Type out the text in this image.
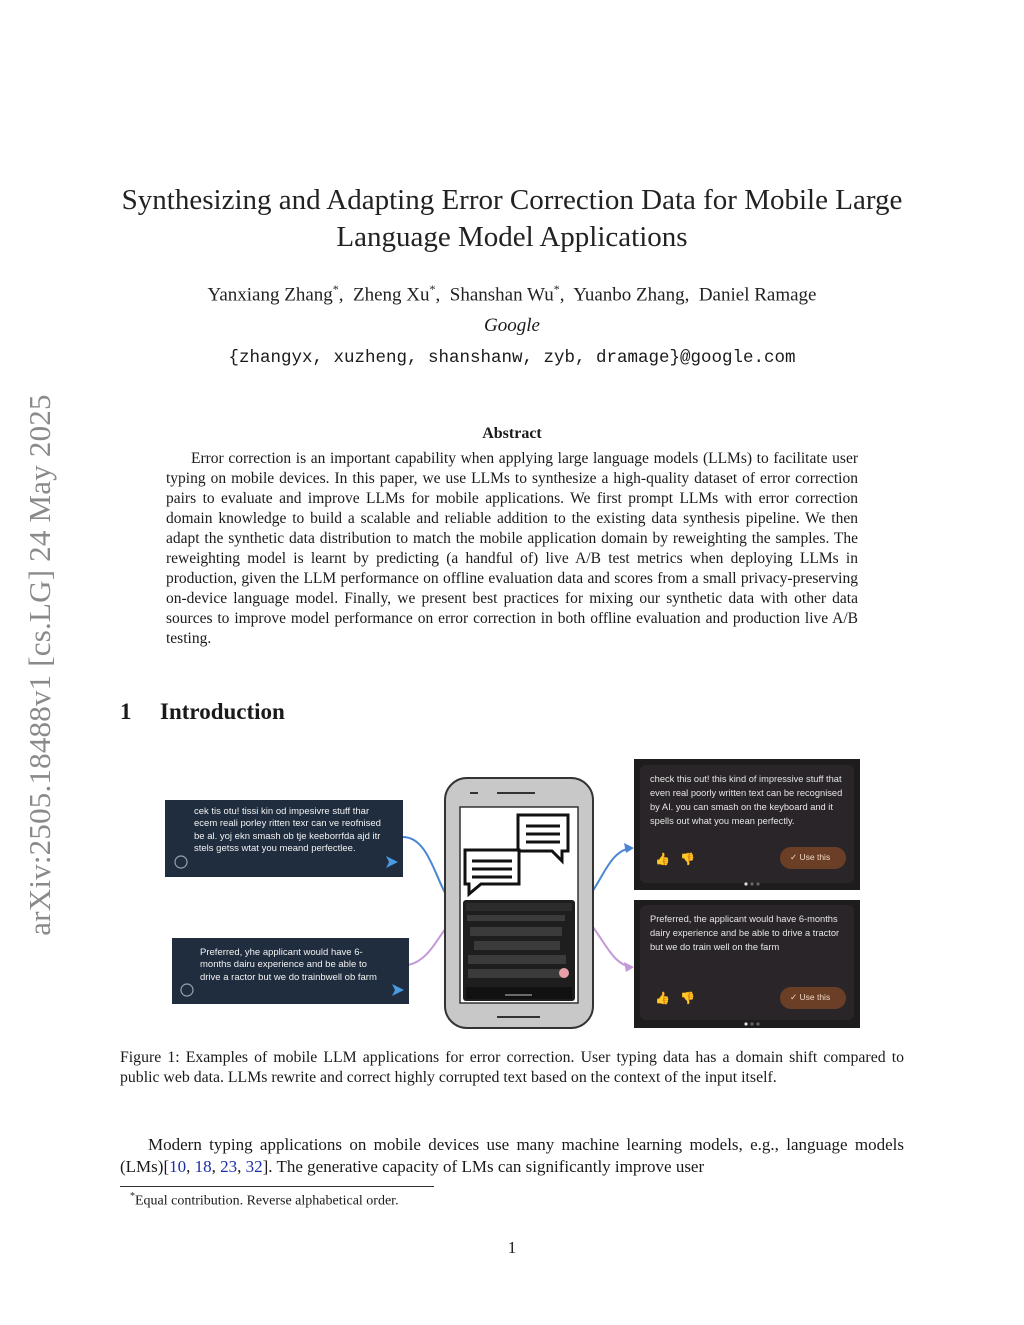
arXiv:2505.18488v1 [cs.LG] 24 May 2025
Synthesizing and Adapting Error Correction Data for Mobile Large
Language Model Applications
Yanxiang Zhang*,  Zheng Xu*,  Shanshan Wu*,  Yuanbo Zhang,  Daniel Ramage
Google
{zhangyx, xuzheng, shanshanw, zyb, dramage}@google.com
Abstract
Error correction is an important capability when applying large language models (LLMs) to facilitate user typing on mobile devices. In this paper, we use LLMs to synthesize a high-quality dataset of error correction pairs to evaluate and improve LLMs for mobile applications. We first prompt LLMs with error correction domain knowledge to build a scalable and reliable addition to the existing data synthesis pipeline. We then adapt the synthetic data distribution to match the mobile application domain by reweighting the samples. The reweighting model is learnt by predicting (a handful of) live A/B test metrics when deploying LLMs in production, given the LLM performance on offline evaluation data and scores from a small privacy-preserving on-device language model. Finally, we present best practices for mixing our synthetic data with other data sources to improve model performance on error correction in both offline evaluation and production live A/B testing.
1 Introduction
👍 👎
👍 👎
cek tis otu! tissi kin od impesivre stuff thar ecem reali porley ritten texr can ve reofnised be al. yoj ekn smash ob tje keeborrfda ajd itr stels getss wtat you meand perfectlee.
Preferred, yhe applicant would have 6-months dairu experience and be able to drive a ractor but we do trainbwell ob farm
check this out! this kind of impressive stuff that even real poorly written text can be recognised by AI. you can smash on the keyboard and it spells out what you mean perfectly.
Preferred, the applicant would have 6-months dairy experience and be able to drive a tractor but we do train well on the farm
✓ Use this
✓ Use this
Figure 1: Examples of mobile LLM applications for error correction. User typing data has a domain shift compared to public web data. LLMs rewrite and correct highly corrupted text based on the context of the input itself.
Modern typing applications on mobile devices use many machine learning models, e.g., language models (LMs)[10, 18, 23, 32]. The generative capacity of LMs can significantly improve user
*Equal contribution. Reverse alphabetical order.
1
